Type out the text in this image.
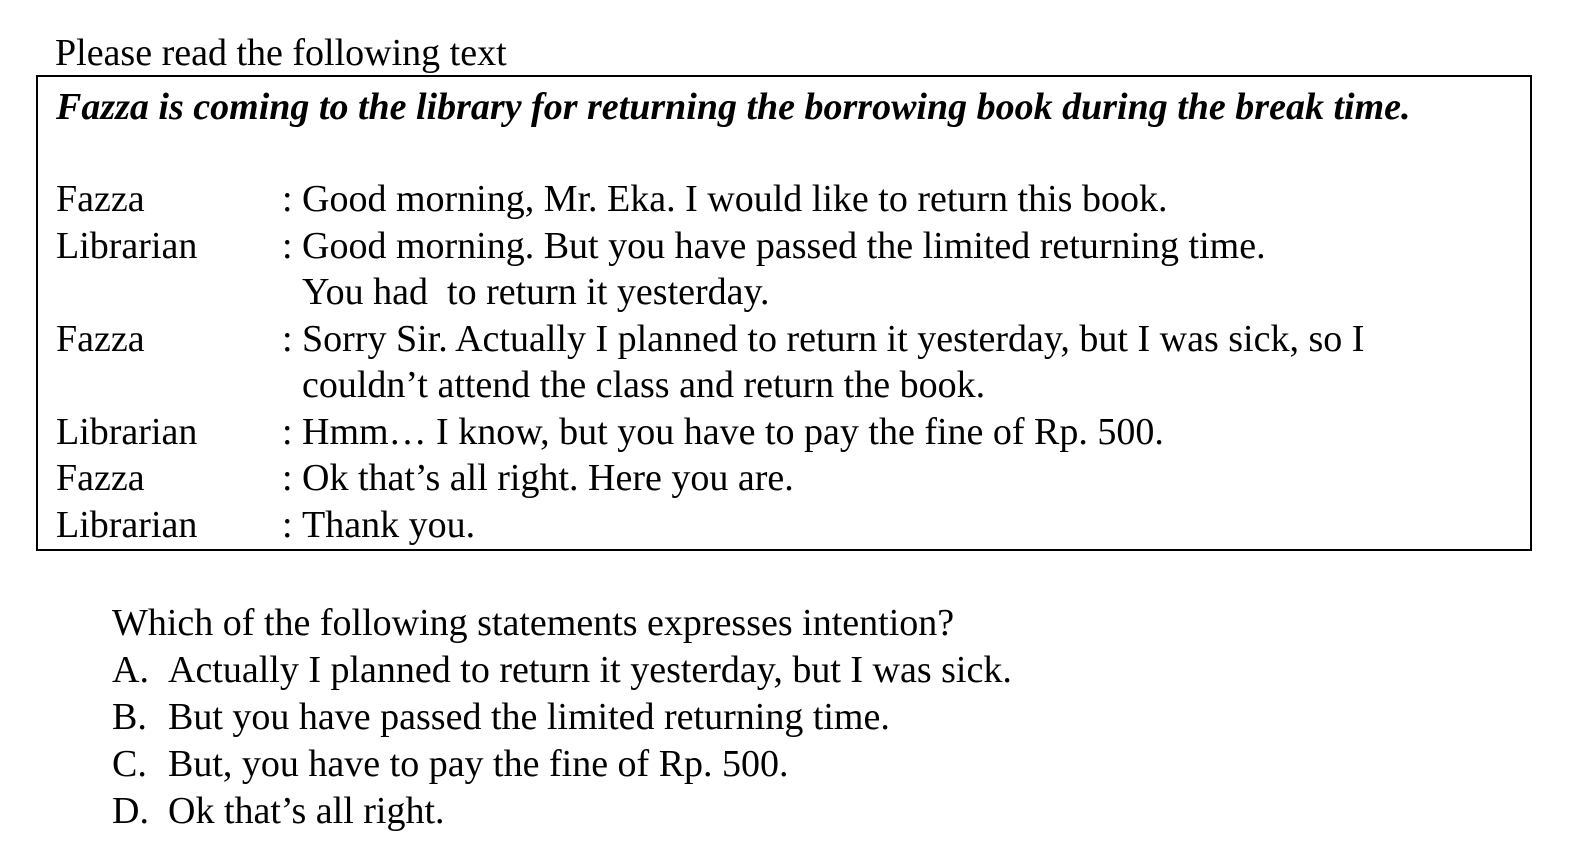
Please read the following text
Fazza is coming to the library for returning the borrowing book during the break time.
Fazza	: Good morning, Mr. Eka. I would like to return this book.
Librarian	: Good morning. But you have passed the limited returning time.
You had  to return it yesterday.
Fazza	: Sorry Sir. Actually I planned to return it yesterday, but I was sick, so I
couldn’t attend the class and return the book.
Librarian	: Hmm… I know, but you have to pay the fine of Rp. 500.
Fazza	: Ok that’s all right. Here you are.
Librarian	: Thank you.
Which of the following statements expresses intention?
A. Actually I planned to return it yesterday, but I was sick.
B. But you have passed the limited returning time.
C. But, you have to pay the fine of Rp. 500.
D. Ok that’s all right.
